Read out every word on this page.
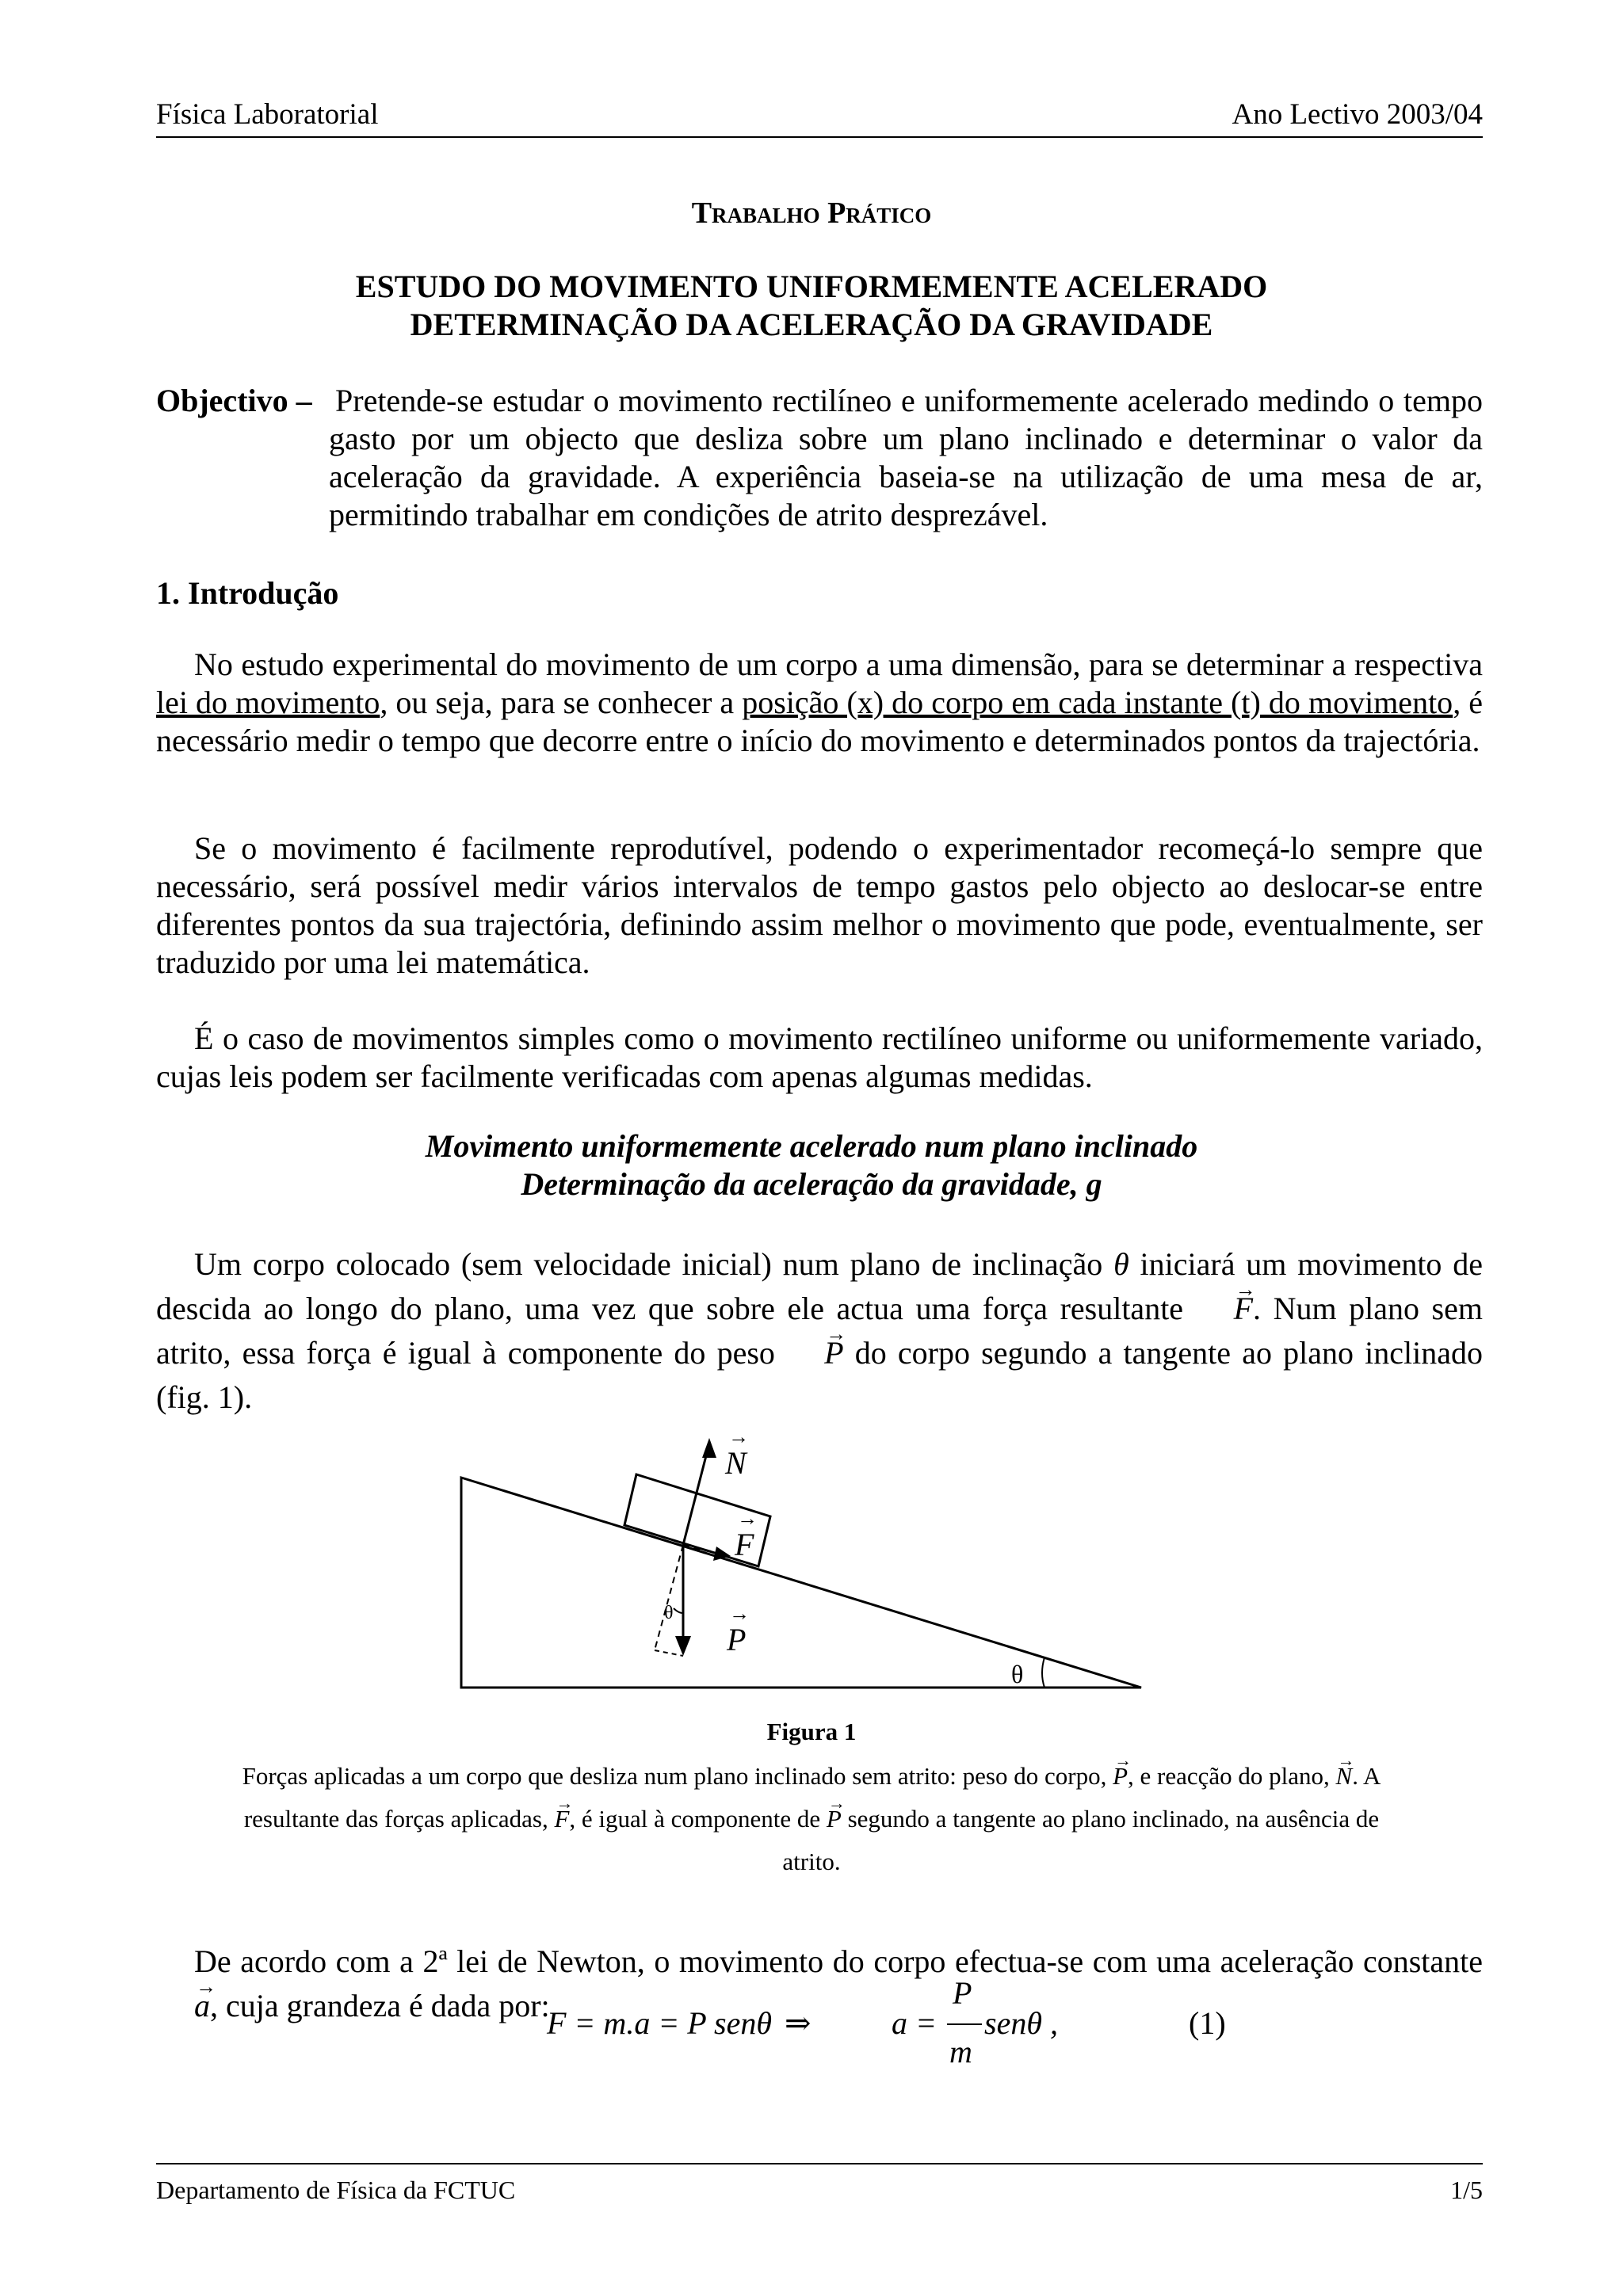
Física Laboratorial	Ano Lectivo 2003/04
Trabalho Prático
ESTUDO DO MOVIMENTO UNIFORMEMENTE ACELERADO
DETERMINAÇÃO DA ACELERAÇÃO DA GRAVIDADE
Objectivo – Pretende-se estudar o movimento rectilíneo e uniformemente acelerado medindo o tempo gasto por um objecto que desliza sobre um plano inclinado e determinar o valor da aceleração da gravidade. A experiência baseia-se na utilização de uma mesa de ar, permitindo trabalhar em condições de atrito desprezável.
1. Introdução
No estudo experimental do movimento de um corpo a uma dimensão, para se determinar a respectiva lei do movimento, ou seja, para se conhecer a posição (x) do corpo em cada instante (t) do movimento, é necessário medir o tempo que decorre entre o início do movimento e determinados pontos da trajectória.
Se o movimento é facilmente reprodutível, podendo o experimentador recomeçá-lo sempre que necessário, será possível medir vários intervalos de tempo gastos pelo objecto ao deslocar-se entre diferentes pontos da sua trajectória, definindo assim melhor o movimento que pode, eventualmente, ser traduzido por uma lei matemática.
É o caso de movimentos simples como o movimento rectilíneo uniforme ou uniformemente variado, cujas leis podem ser facilmente verificadas com apenas algumas medidas.
Movimento uniformemente acelerado num plano inclinado
Determinação da aceleração da gravidade, g
Um corpo colocado (sem velocidade inicial) num plano de inclinação θ iniciará um movimento de descida ao longo do plano, uma vez que sobre ele actua uma força resultante → F. Num plano sem atrito, essa força é igual à componente do peso → P do corpo segundo a tangente ao plano inclinado (fig. 1).
N
→
F
→
P
→
θ
θ
Figura 1
Forças aplicadas a um corpo que desliza num plano inclinado sem atrito: peso do corpo, → P, e reacção do plano, → N. A resultante das forças aplicadas, → F, é igual à componente de → P segundo a tangente ao plano inclinado, na ausência de atrito.
De acordo com a 2ª lei de Newton, o movimento do corpo efectua-se com uma aceleração constante → a, cuja grandeza é dada por:
F = m.a = P senθ ⇒	a =
P
m
senθ ,	(1)
Departamento de Física da FCTUC	1/5
